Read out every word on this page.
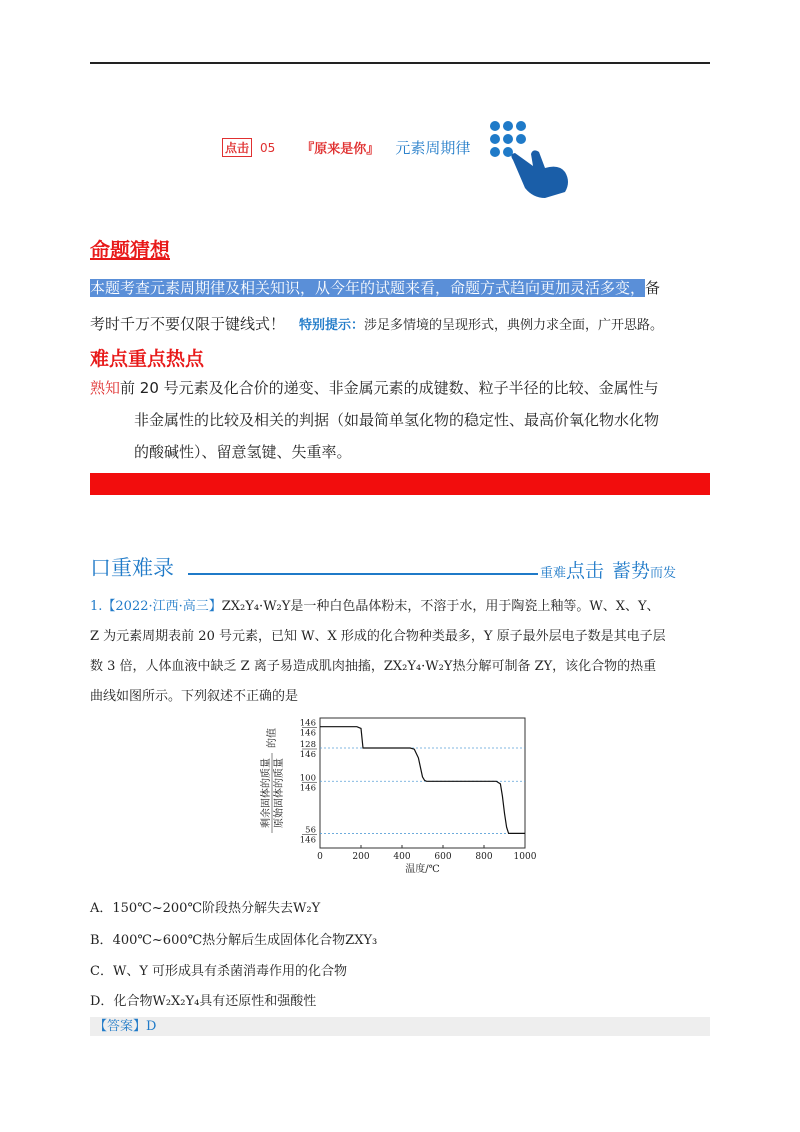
点击 05 『原来是你』 元素周期律
命题猜想
本题考查元素周期律及相关知识，从今年的试题来看，命题方式趋向更加灵活多变，备
考时千万不要仅限于键线式！ 特别提示：涉足多情境的呈现形式，典例力求全面，广开思路。
难点重点热点
熟知前 20 号元素及化合价的递变、非金属元素的成键数、粒子半径的比较、金属性与
非金属性的比较及相关的判据（如最简单氢化物的稳定性、最高价氧化物水化物
的酸碱性）、留意氢键、失重率。
口重难录	重难点击 蓄势而发
1.【2022·江西·高三】ZX₂Y₄·W₂Y是一种白色晶体粉末，不溶于水，用于陶瓷上釉等。W、X、Y、
Z 为元素周期表前 20 号元素，已知 W、X 形成的化合物种类最多，Y 原子最外层电子数是其电子层
数 3 倍，人体血液中缺乏 Z 离子易造成肌肉抽搐，ZX₂Y₄·W₂Y热分解可制备 ZY，该化合物的热重
曲线如图所示。下列叙述不正确的是
0	200	400	600	800 1000
146
146
128
146
100
146
56
146
温度/℃
剩余固体的质量 原始固体的质量
的值
A．150℃~200℃阶段热分解失去W₂Y
B．400℃~600℃热分解后生成固体化合物ZXY₃
C．W、Y 可形成具有杀菌消毒作用的化合物
D．化合物W₂X₂Y₄具有还原性和强酸性
【答案】D
